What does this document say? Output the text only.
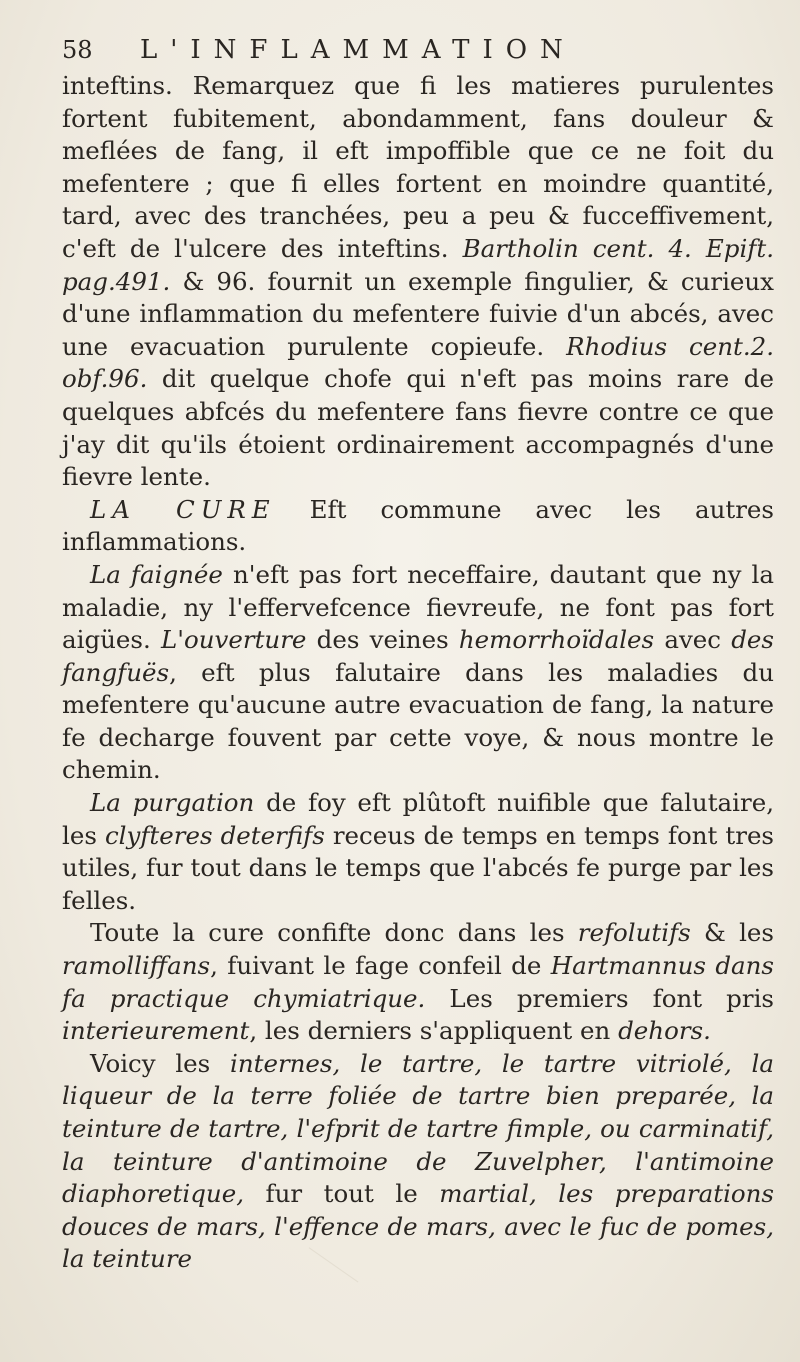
58	L'INFLAMMATION

inteftins. Remarquez que fi les matieres purulentes fortent fubitement, abondamment, fans douleur & meflées de fang, il eft impoffible que ce ne foit du mefentere ; que fi elles fortent en moindre quantité, tard, avec des tranchées, peu a peu & fucceffivement, c'eft de l'ulcere des inteftins. Bartholin cent. 4. Epift. pag.491. & 96. fournit un exemple fingulier, & curieux d'une inflammation du mefentere fuivie d'un abcés, avec une evacuation purulente copieufe. Rhodius cent.2. obf.96. dit quelque chofe qui n'eft pas moins rare de quelques abfcés du mefentere fans fievre contre ce que j'ay dit qu'ils étoient ordinairement accompagnés d'une fievre lente.

LA CURE Eft commune avec les autres inflammations.

La faignée n'eft pas fort neceffaire, dautant que ny la maladie, ny l'effervefcence fievreufe, ne font pas fort aigües. L'ouverture des veines hemorrhoïdales avec des fangfuës, eft plus falutaire dans les maladies du mefentere qu'aucune autre evacuation de fang, la nature fe decharge fouvent par cette voye, & nous montre le chemin.

La purgation de foy eft plûtoft nuifible que falutaire, les clyfteres deterfifs receus de temps en temps font tres utiles, fur tout dans le temps que l'abcés fe purge par les felles.

Toute la cure confifte donc dans les refolutifs & les ramolliffans, fuivant le fage confeil de Hartmannus dans fa practique chymiatrique. Les premiers font pris interieurement, les derniers s'appliquent en dehors.

Voicy les internes, le tartre, le tartre vitriolé, la liqueur de la terre foliée de tartre bien preparée, la teinture de tartre, l'efprit de tartre fimple, ou carminatif, la teinture d'antimoine de Zuvelpher, l'antimoine diaphoretique, fur tout le martial, les preparations douces de mars, l'effence de mars, avec le fuc de pomes, la teinture
